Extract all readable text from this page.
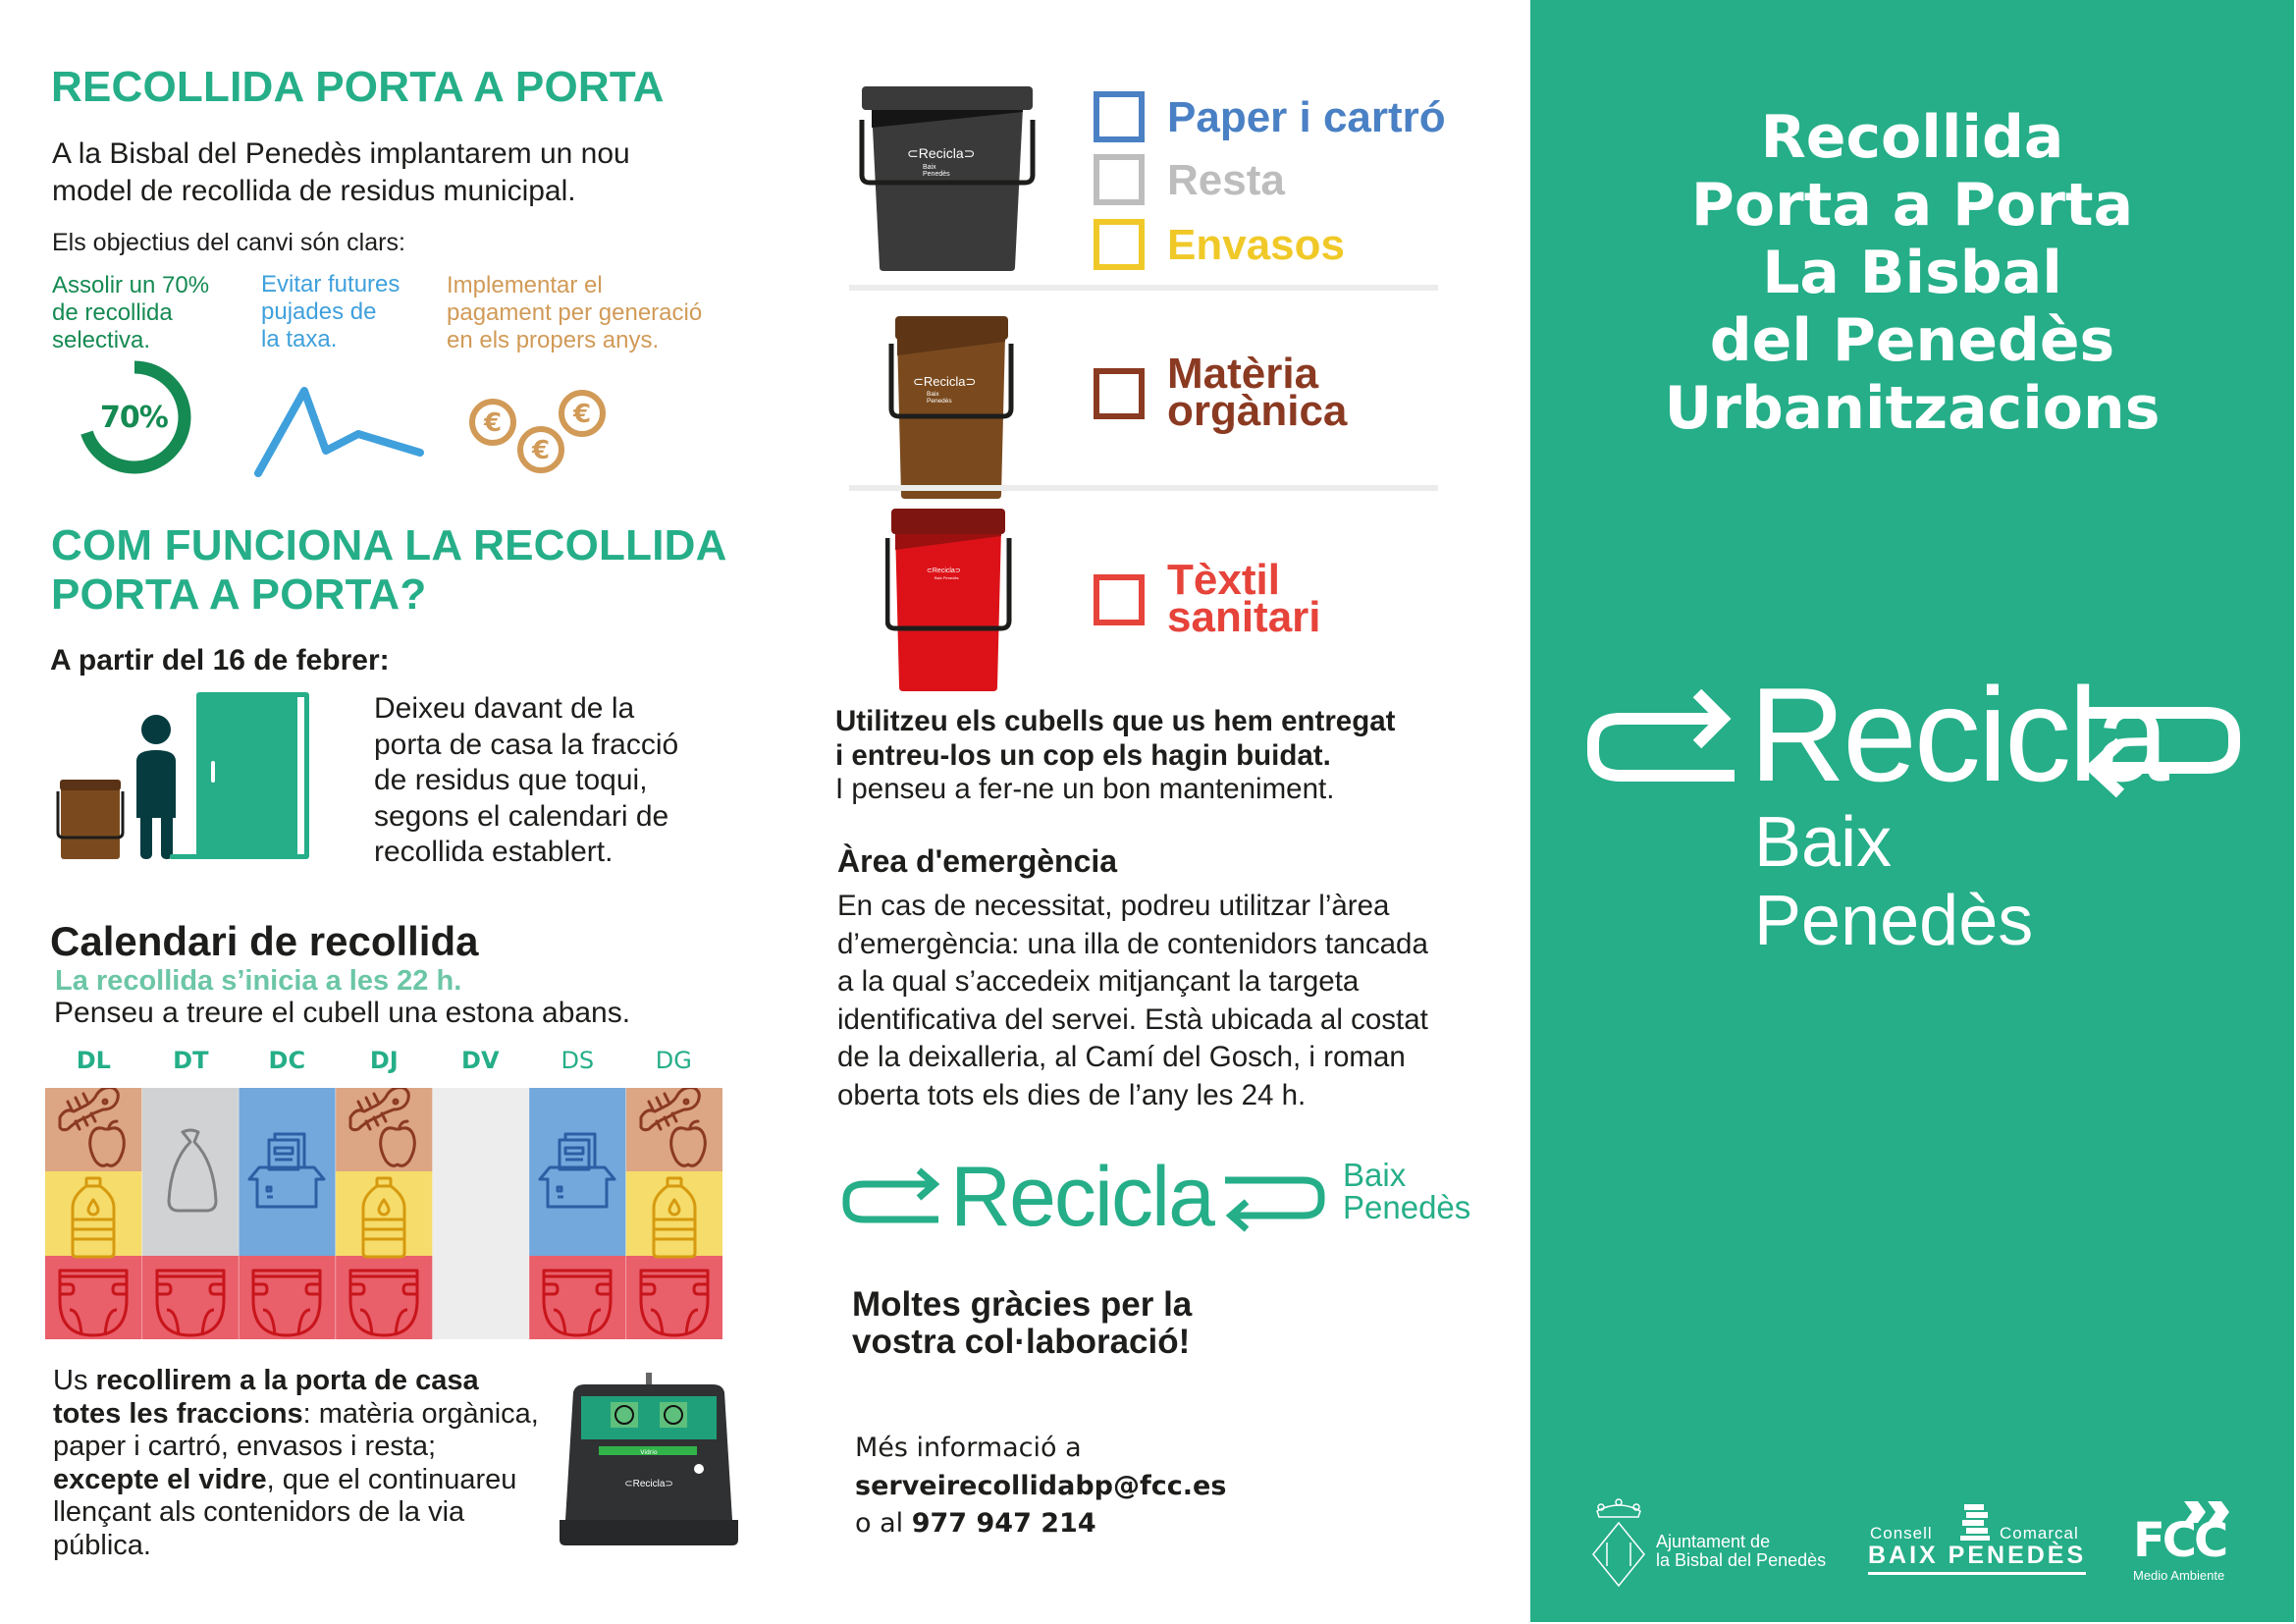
RECOLLIDA PORTA A PORTA
A la Bisbal del Penedès implantarem un nou
model de recollida de residus municipal.
Els objectius del canvi són clars:
Assolir un 70%
de recollida
selectiva.
Evitar futures
pujades de
la taxa.
Implementar el
pagament per generació
en els propers anys.
70%	€
€
€
COM FUNCIONA LA RECOLLIDA
PORTA A PORTA?
A partir del 16 de febrer:
Deixeu davant de la
porta de casa la fracció
de residus que toqui,
segons el calendari de
recollida establert.
Calendari de recollida
La recollida s’inicia a les 22 h.
Penseu a treure el cubell una estona abans.
DL	DT	DC	DJ	DV	DS	DG
Us recollirem a la porta de casa totes les fraccions: matèria orgànica, paper i cartró, envasos i resta; excepte el vidre, que el continuareu llençant als contenidors de la via pública.
Vidrio
⊂Recicla⊃
⊂Recicla⊃
Baix
Penedès
Paper i cartró
Resta
Envasos
⊂Recicla⊃
Baix
Penedès
Matèria
orgànica
⊂Recicla⊃
Baix Penedès	Tèxtil
sanitari
Utilitzeu els cubells que us hem entregat
i entreu-los un cop els hagin buidat.
I penseu a fer-ne un bon manteniment.
Àrea d'emergència
En cas de necessitat, podreu utilitzar l’àrea
d’emergència: una illa de contenidors tancada
a la qual s’accedeix mitjançant la targeta
identificativa del servei. Està ubicada al costat
de la deixalleria, al Camí del Gosch, i roman
oberta tots els dies de l’any les 24 h.
Recicla	Baix
Penedès
Moltes gràcies per la
vostra col·laboració!
Més informació a
serveirecollidabp@fcc.es
o al 977 947 214
Recollida
Porta a Porta
La Bisbal
del Penedès
Urbanitzacions
Recicla
Baix
Penedès
Ajuntament de
la Bisbal del Penedès
Consell	Comarcal
BAIX PENEDÈS FCC
Medio Ambiente
